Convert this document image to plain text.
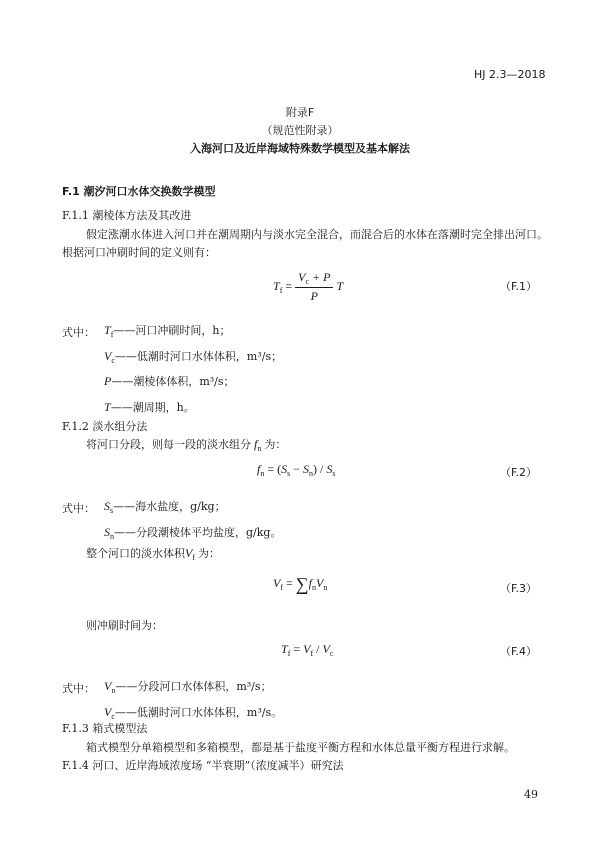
HJ 2.3—2018
附录F
（规范性附录）
入海河口及近岸海域特殊数学模型及基本解法
F.1 潮汐河口水体交换数学模型
F.1.1 潮棱体方法及其改进
假定涨潮水体进入河口并在潮周期内与淡水完全混合，而混合后的水体在落潮时完全排出河口。
根据河口冲刷时间的定义则有：
$T_f = \frac{V_c + P}{P}$ T	（F.1）
式中： $T_f——$河口冲刷时间，h；
$V_c——$低潮时河口水体体积，m³/s；
P——潮棱体体积，m³/s；
T——潮周期，h。
F.1.2 淡水组分法
将河口分段，则每一段的淡水组分 $f_n$ 为：
$f_n = (S_s - S_n) / S_s$	（F.2）
式中： $S_s——$海水盐度，g/kg；
$S_n——$分段潮棱体平均盐度，g/kg。
整个河口的淡水体积$V_f$ 为：
$V_f = \sum f_nV_n$	（F.3）
则冲刷时间为：
$T_f = V_f / V_c$	（F.4）
式中： $V_n——$分段河口水体体积，m³/s；
$V_c——$低潮时河口水体体积，m³/s。
F.1.3 箱式模型法
箱式模型分单箱模型和多箱模型，都是基于盐度平衡方程和水体总量平衡方程进行求解。
F.1.4 河口、近岸海域浓度场 “半衰期”（浓度减半）研究法
49
